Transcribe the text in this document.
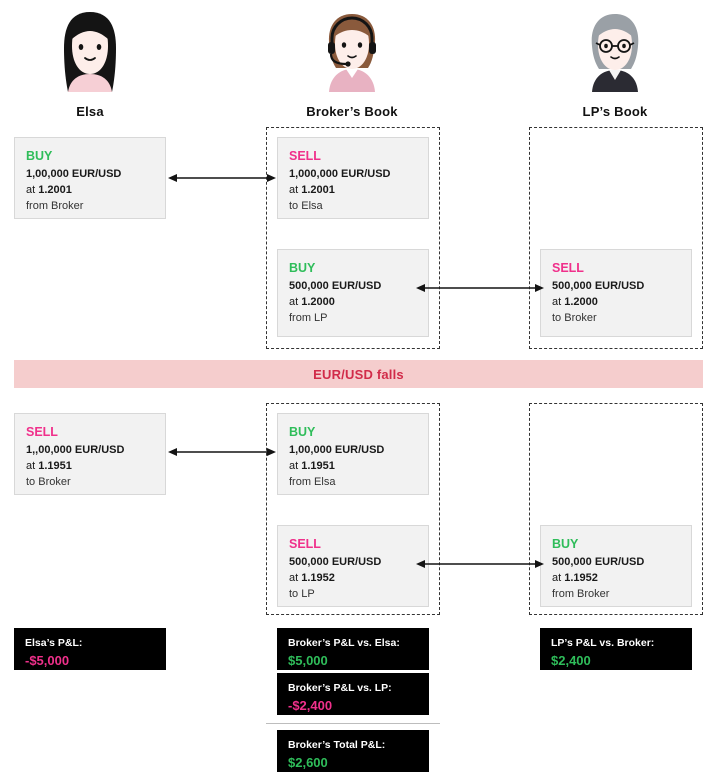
Elsa	Broker’s Book	LP’s Book
BUY
1,00,000 EUR/USD
at 1.2001
from Broker
SELL
1,000,000 EUR/USD
at 1.2001
to Elsa
BUY
500,000 EUR/USD
at 1.2000
from LP
SELL
500,000 EUR/USD
at 1.2000
to Broker
EUR/USD falls
SELL
1,,00,000 EUR/USD
at 1.1951
to Broker
BUY
1,00,000 EUR/USD
at 1.1951
from Elsa
SELL
500,000 EUR/USD
at 1.1952
to LP
BUY
500,000 EUR/USD
at 1.1952
from Broker
Elsa’s P&L:
-$5,000
Broker’s P&L vs. Elsa:
$5,000
Broker’s P&L vs. LP:
-$2,400
Broker’s Total P&L:
$2,600
LP’s P&L vs. Broker:
$2,400
